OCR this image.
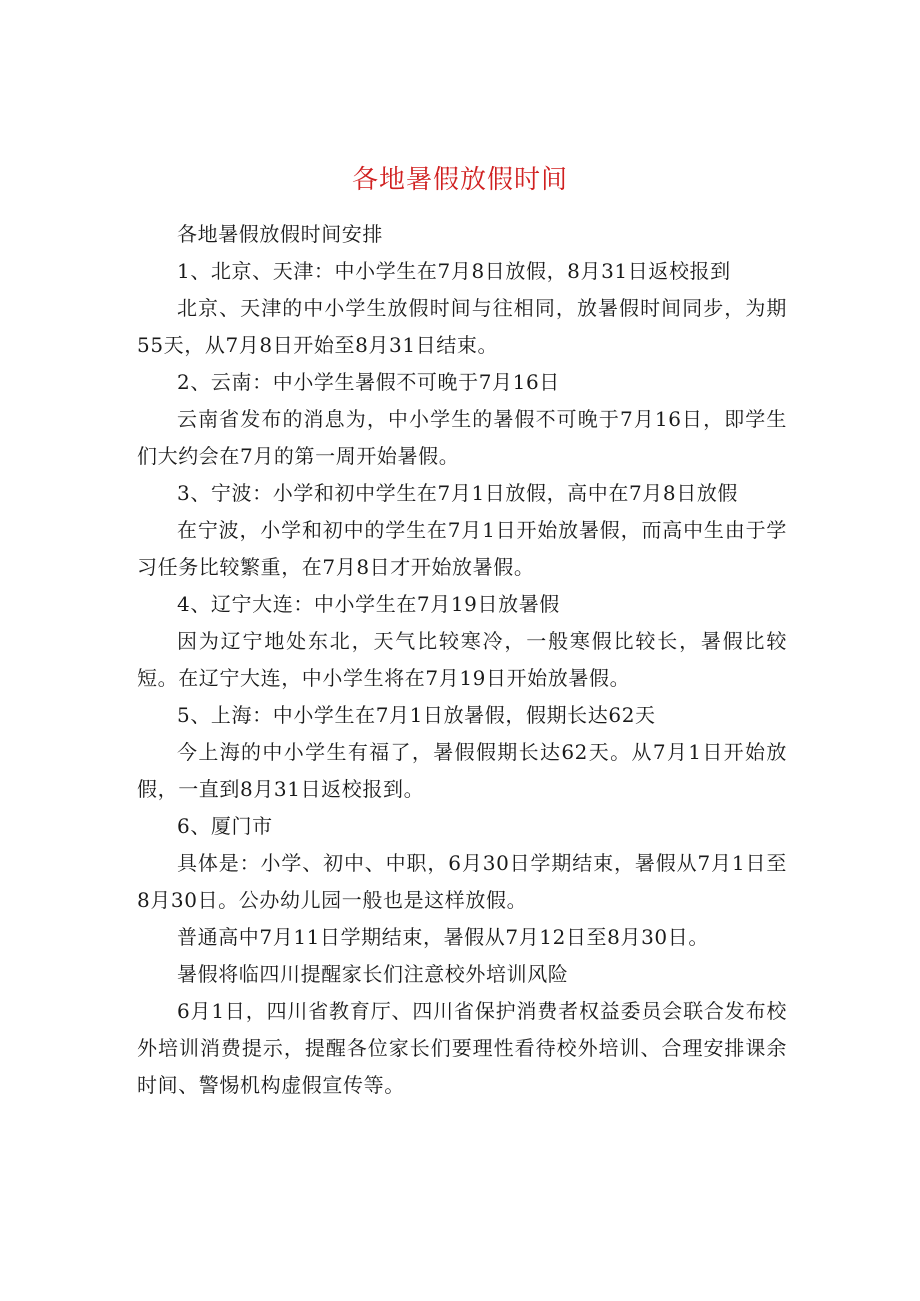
各地暑假放假时间

各地暑假放假时间安排

1、北京、天津：中小学生在7月8日放假，8月31日返校报到

北京、天津的中小学生放假时间与往相同，放暑假时间同步，为期55天，从7月8日开始至8月31日结束。

2、云南：中小学生暑假不可晚于7月16日

云南省发布的消息为，中小学生的暑假不可晚于7月16日，即学生们大约会在7月的第一周开始暑假。

3、宁波：小学和初中学生在7月1日放假，高中在7月8日放假

在宁波，小学和初中的学生在7月1日开始放暑假，而高中生由于学习任务比较繁重，在7月8日才开始放暑假。

4、辽宁大连：中小学生在7月19日放暑假

因为辽宁地处东北，天气比较寒冷，一般寒假比较长，暑假比较短。在辽宁大连，中小学生将在7月19日开始放暑假。

5、上海：中小学生在7月1日放暑假，假期长达62天

今上海的中小学生有福了，暑假假期长达62天。从7月1日开始放假，一直到8月31日返校报到。

6、厦门市

具体是：小学、初中、中职，6月30日学期结束，暑假从7月1日至8月30日。公办幼儿园一般也是这样放假。

普通高中7月11日学期结束，暑假从7月12日至8月30日。

暑假将临四川提醒家长们注意校外培训风险

6月1日，四川省教育厅、四川省保护消费者权益委员会联合发布校外培训消费提示，提醒各位家长们要理性看待校外培训、合理安排课余时间、警惕机构虚假宣传等。
